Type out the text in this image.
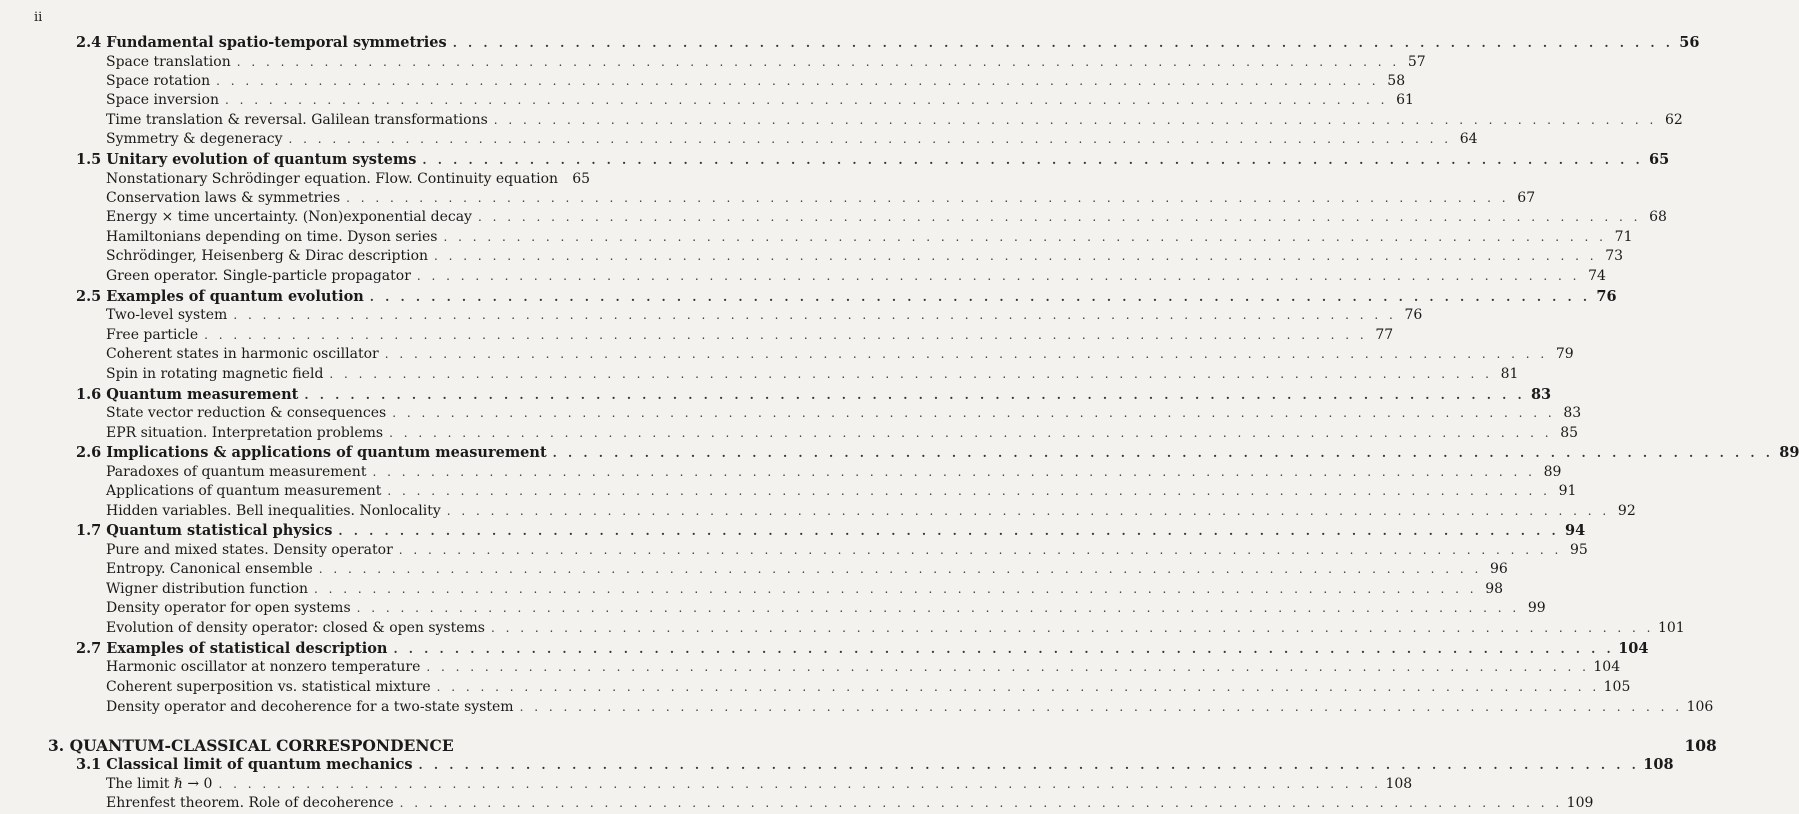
ii
2.4 Fundamental spatio-temporal symmetries . . . . . . . . . . . . . . . . . . . . . . . . . . . . . . . . . . . . . . . . . . . . . . . . . . . . . . . . . . . . . . . . . . . . . . . . . . . . . . . . 56
Space translation . . . . . . . . . . . . . . . . . . . . . . . . . . . . . . . . . . . . . . . . . . . . . . . . . . . . . . . . . . . . . . . . . . . . . . . . . . . . . . . . 57
Space rotation . . . . . . . . . . . . . . . . . . . . . . . . . . . . . . . . . . . . . . . . . . . . . . . . . . . . . . . . . . . . . . . . . . . . . . . . . . . . . . . . 58
Space inversion . . . . . . . . . . . . . . . . . . . . . . . . . . . . . . . . . . . . . . . . . . . . . . . . . . . . . . . . . . . . . . . . . . . . . . . . . . . . . . . . 61
Time translation & reversal. Galilean transformations . . . . . . . . . . . . . . . . . . . . . . . . . . . . . . . . . . . . . . . . . . . . . . . . . . . . . . . . . . . . . . . . . . . . . . . . . . . . . . . . 62
Symmetry & degeneracy . . . . . . . . . . . . . . . . . . . . . . . . . . . . . . . . . . . . . . . . . . . . . . . . . . . . . . . . . . . . . . . . . . . . . . . . . . . . . . . . 64
1.5 Unitary evolution of quantum systems . . . . . . . . . . . . . . . . . . . . . . . . . . . . . . . . . . . . . . . . . . . . . . . . . . . . . . . . . . . . . . . . . . . . . . . . . . . . . . . . 65
Nonstationary Schrödinger equation. Flow. Continuity equation 65
Conservation laws & symmetries . . . . . . . . . . . . . . . . . . . . . . . . . . . . . . . . . . . . . . . . . . . . . . . . . . . . . . . . . . . . . . . . . . . . . . . . . . . . . . . . 67
Energy × time uncertainty. (Non)exponential decay . . . . . . . . . . . . . . . . . . . . . . . . . . . . . . . . . . . . . . . . . . . . . . . . . . . . . . . . . . . . . . . . . . . . . . . . . . . . . . . . 68
Hamiltonians depending on time. Dyson series . . . . . . . . . . . . . . . . . . . . . . . . . . . . . . . . . . . . . . . . . . . . . . . . . . . . . . . . . . . . . . . . . . . . . . . . . . . . . . . . 71
Schrödinger, Heisenberg & Dirac description . . . . . . . . . . . . . . . . . . . . . . . . . . . . . . . . . . . . . . . . . . . . . . . . . . . . . . . . . . . . . . . . . . . . . . . . . . . . . . . . 73
Green operator. Single-particle propagator . . . . . . . . . . . . . . . . . . . . . . . . . . . . . . . . . . . . . . . . . . . . . . . . . . . . . . . . . . . . . . . . . . . . . . . . . . . . . . . . 74
2.5 Examples of quantum evolution . . . . . . . . . . . . . . . . . . . . . . . . . . . . . . . . . . . . . . . . . . . . . . . . . . . . . . . . . . . . . . . . . . . . . . . . . . . . . . . . 76
Two-level system . . . . . . . . . . . . . . . . . . . . . . . . . . . . . . . . . . . . . . . . . . . . . . . . . . . . . . . . . . . . . . . . . . . . . . . . . . . . . . . . 76
Free particle . . . . . . . . . . . . . . . . . . . . . . . . . . . . . . . . . . . . . . . . . . . . . . . . . . . . . . . . . . . . . . . . . . . . . . . . . . . . . . . . 77
Coherent states in harmonic oscillator . . . . . . . . . . . . . . . . . . . . . . . . . . . . . . . . . . . . . . . . . . . . . . . . . . . . . . . . . . . . . . . . . . . . . . . . . . . . . . . . 79
Spin in rotating magnetic field . . . . . . . . . . . . . . . . . . . . . . . . . . . . . . . . . . . . . . . . . . . . . . . . . . . . . . . . . . . . . . . . . . . . . . . . . . . . . . . . 81
1.6 Quantum measurement . . . . . . . . . . . . . . . . . . . . . . . . . . . . . . . . . . . . . . . . . . . . . . . . . . . . . . . . . . . . . . . . . . . . . . . . . . . . . . . . 83
State vector reduction & consequences . . . . . . . . . . . . . . . . . . . . . . . . . . . . . . . . . . . . . . . . . . . . . . . . . . . . . . . . . . . . . . . . . . . . . . . . . . . . . . . . 83
EPR situation. Interpretation problems . . . . . . . . . . . . . . . . . . . . . . . . . . . . . . . . . . . . . . . . . . . . . . . . . . . . . . . . . . . . . . . . . . . . . . . . . . . . . . . . 85
2.6 Implications & applications of quantum measurement . . . . . . . . . . . . . . . . . . . . . . . . . . . . . . . . . . . . . . . . . . . . . . . . . . . . . . . . . . . . . . . . . . . . . . . . . . . . . . . . 89
Paradoxes of quantum measurement . . . . . . . . . . . . . . . . . . . . . . . . . . . . . . . . . . . . . . . . . . . . . . . . . . . . . . . . . . . . . . . . . . . . . . . . . . . . . . . . 89
Applications of quantum measurement . . . . . . . . . . . . . . . . . . . . . . . . . . . . . . . . . . . . . . . . . . . . . . . . . . . . . . . . . . . . . . . . . . . . . . . . . . . . . . . . 91
Hidden variables. Bell inequalities. Nonlocality . . . . . . . . . . . . . . . . . . . . . . . . . . . . . . . . . . . . . . . . . . . . . . . . . . . . . . . . . . . . . . . . . . . . . . . . . . . . . . . . 92
1.7 Quantum statistical physics . . . . . . . . . . . . . . . . . . . . . . . . . . . . . . . . . . . . . . . . . . . . . . . . . . . . . . . . . . . . . . . . . . . . . . . . . . . . . . . . 94
Pure and mixed states. Density operator . . . . . . . . . . . . . . . . . . . . . . . . . . . . . . . . . . . . . . . . . . . . . . . . . . . . . . . . . . . . . . . . . . . . . . . . . . . . . . . . 95
Entropy. Canonical ensemble . . . . . . . . . . . . . . . . . . . . . . . . . . . . . . . . . . . . . . . . . . . . . . . . . . . . . . . . . . . . . . . . . . . . . . . . . . . . . . . . 96
Wigner distribution function . . . . . . . . . . . . . . . . . . . . . . . . . . . . . . . . . . . . . . . . . . . . . . . . . . . . . . . . . . . . . . . . . . . . . . . . . . . . . . . . 98
Density operator for open systems . . . . . . . . . . . . . . . . . . . . . . . . . . . . . . . . . . . . . . . . . . . . . . . . . . . . . . . . . . . . . . . . . . . . . . . . . . . . . . . . 99
Evolution of density operator: closed & open systems . . . . . . . . . . . . . . . . . . . . . . . . . . . . . . . . . . . . . . . . . . . . . . . . . . . . . . . . . . . . . . . . . . . . . . . . . . . . . . . . 101
2.7 Examples of statistical description . . . . . . . . . . . . . . . . . . . . . . . . . . . . . . . . . . . . . . . . . . . . . . . . . . . . . . . . . . . . . . . . . . . . . . . . . . . . . . . . 104
Harmonic oscillator at nonzero temperature . . . . . . . . . . . . . . . . . . . . . . . . . . . . . . . . . . . . . . . . . . . . . . . . . . . . . . . . . . . . . . . . . . . . . . . . . . . . . . . . 104
Coherent superposition vs. statistical mixture . . . . . . . . . . . . . . . . . . . . . . . . . . . . . . . . . . . . . . . . . . . . . . . . . . . . . . . . . . . . . . . . . . . . . . . . . . . . . . . . 105
Density operator and decoherence for a two-state system . . . . . . . . . . . . . . . . . . . . . . . . . . . . . . . . . . . . . . . . . . . . . . . . . . . . . . . . . . . . . . . . . . . . . . . . . . . . . . . . 106
3. QUANTUM-CLASSICAL CORRESPONDENCE	108
3.1 Classical limit of quantum mechanics . . . . . . . . . . . . . . . . . . . . . . . . . . . . . . . . . . . . . . . . . . . . . . . . . . . . . . . . . . . . . . . . . . . . . . . . . . . . . . . . 108
The limit ℏ → 0 . . . . . . . . . . . . . . . . . . . . . . . . . . . . . . . . . . . . . . . . . . . . . . . . . . . . . . . . . . . . . . . . . . . . . . . . . . . . . . . . 108
Ehrenfest theorem. Role of decoherence . . . . . . . . . . . . . . . . . . . . . . . . . . . . . . . . . . . . . . . . . . . . . . . . . . . . . . . . . . . . . . . . . . . . . . . . . . . . . . . . 109
